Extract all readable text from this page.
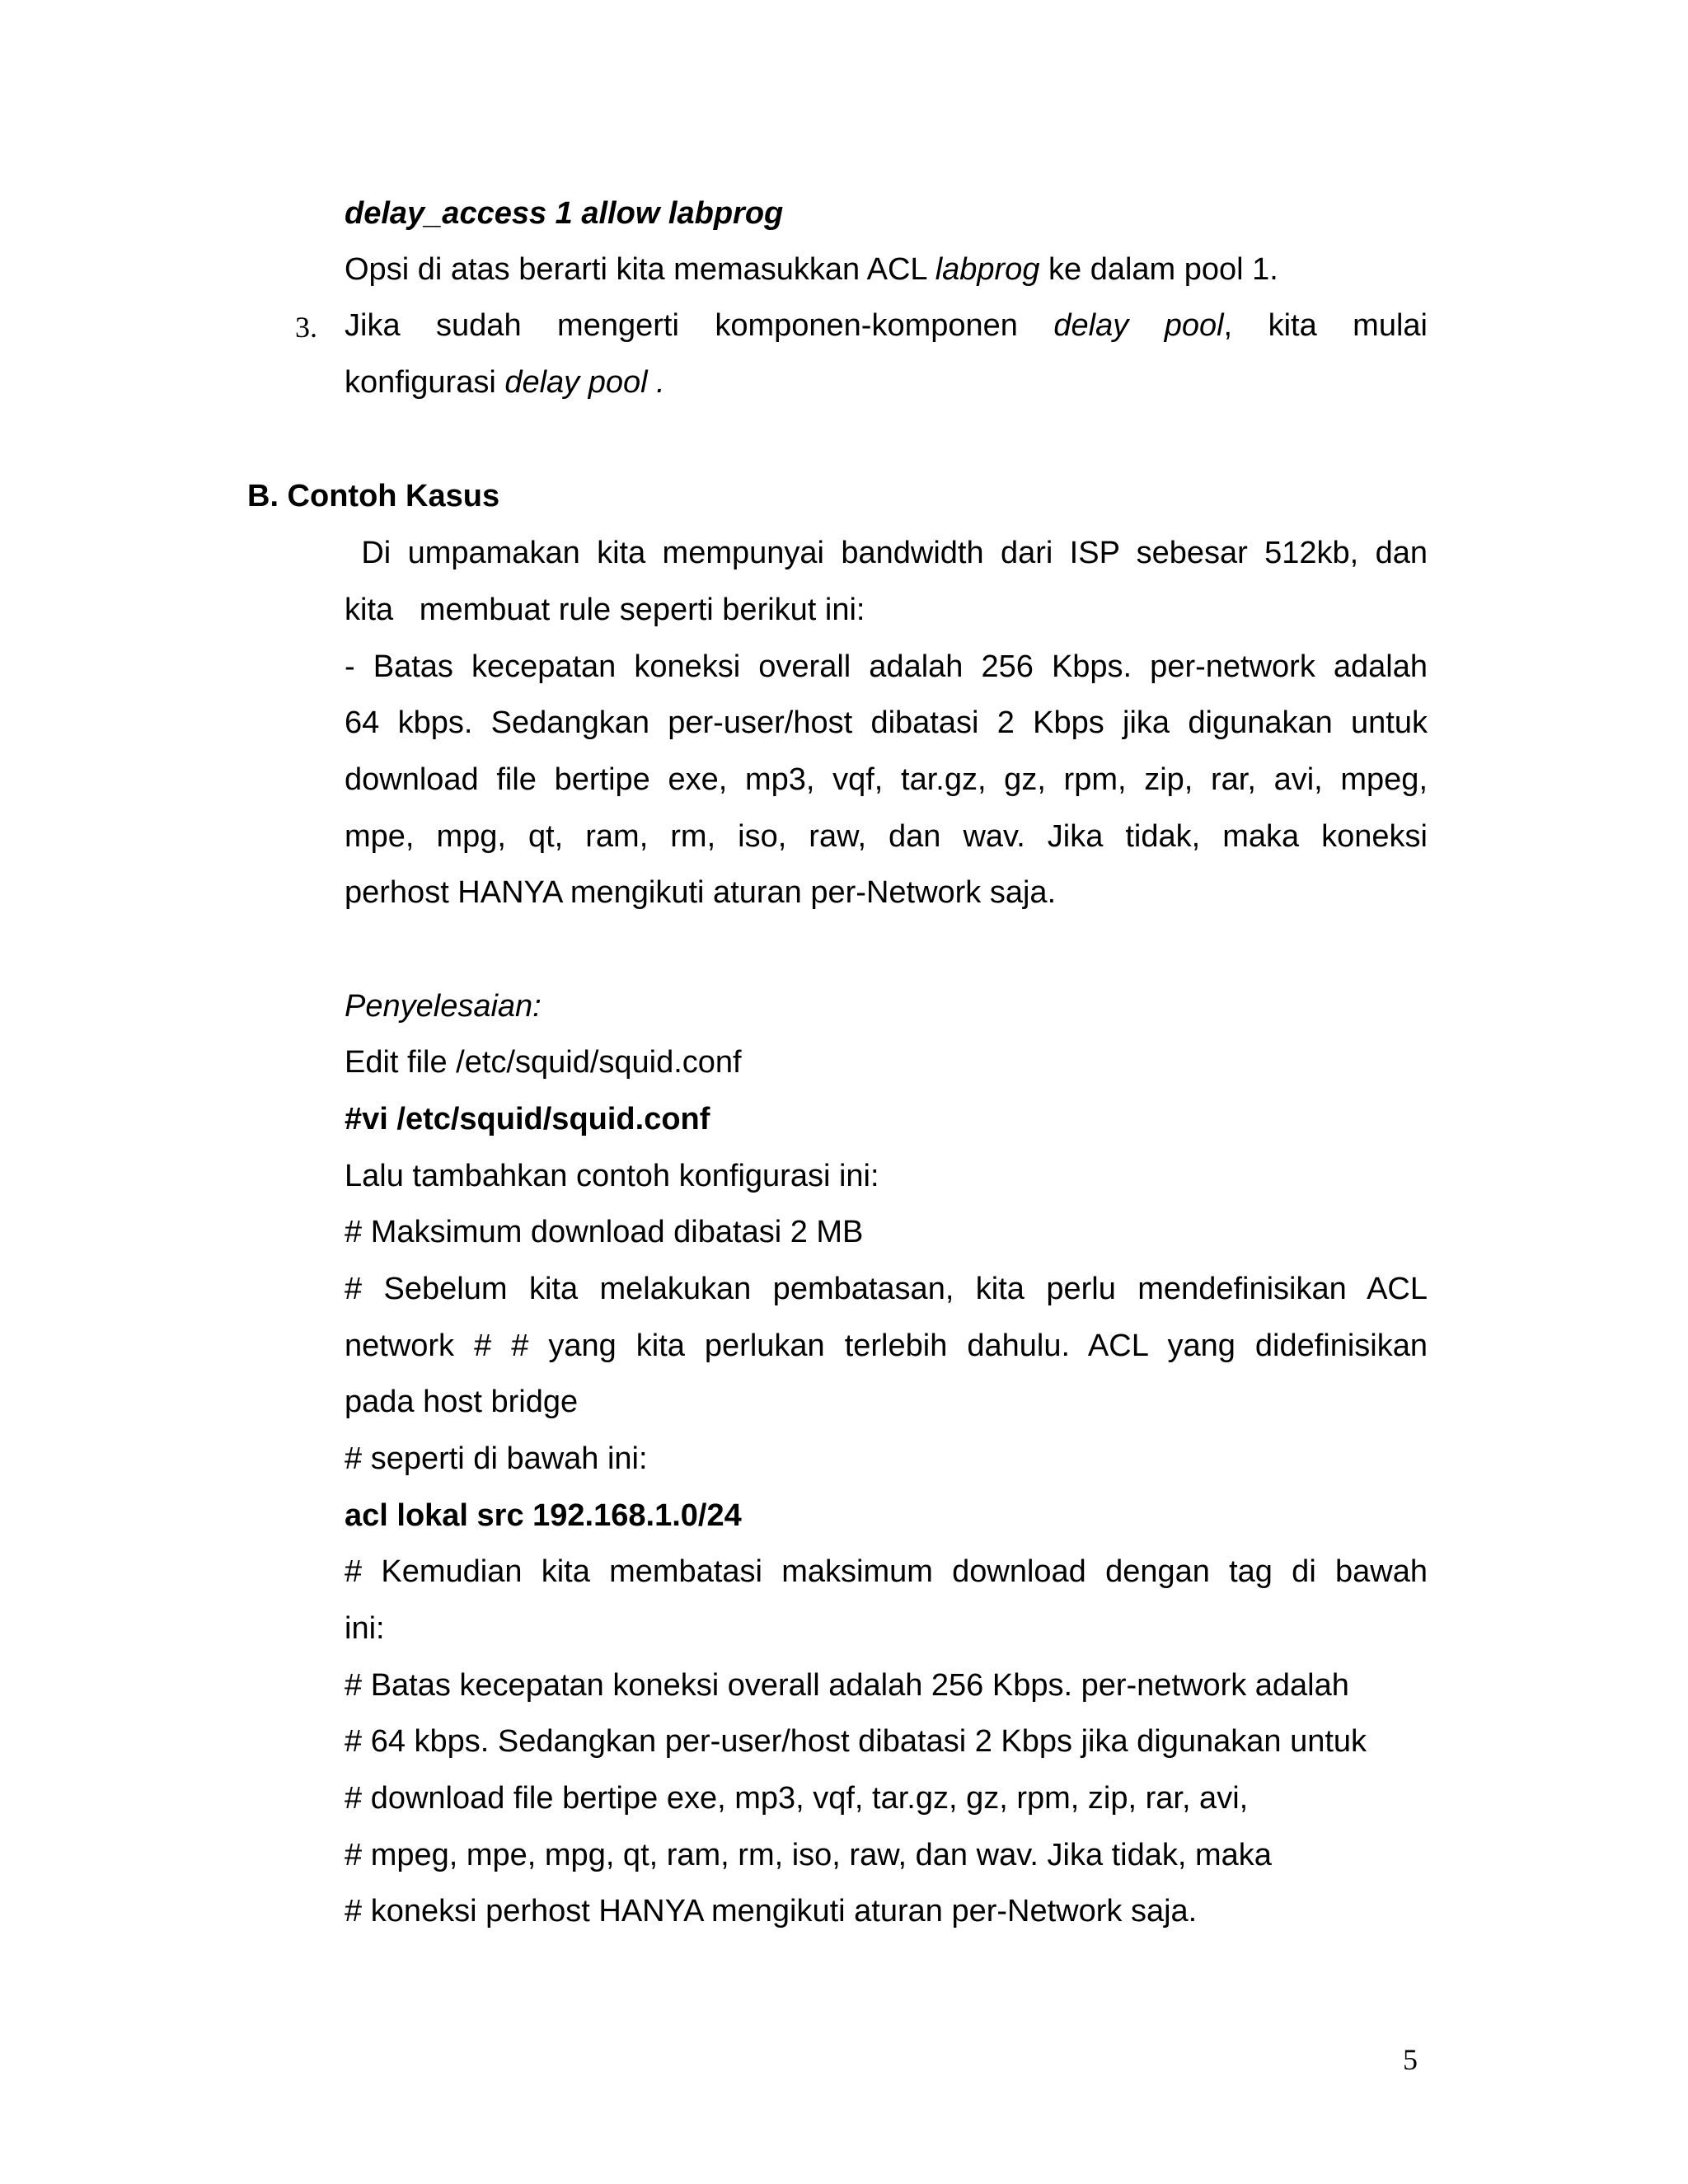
delay_access 1 allow labprog
Opsi di atas berarti kita memasukkan ACL labprog ke dalam pool 1.
3. Jika sudah mengerti komponen-komponen delay pool, kita mulai
konfigurasi delay pool .
B. Contoh Kasus
Di umpamakan kita mempunyai bandwidth dari ISP sebesar 512kb, dan
kita   membuat rule seperti berikut ini:
- Batas kecepatan koneksi overall adalah 256 Kbps. per-network adalah
64 kbps. Sedangkan per-user/host dibatasi 2 Kbps jika digunakan untuk
download file bertipe exe, mp3, vqf, tar.gz, gz, rpm, zip, rar, avi, mpeg,
mpe, mpg, qt, ram, rm, iso, raw, dan wav. Jika tidak, maka koneksi
perhost HANYA mengikuti aturan per-Network saja.
Penyelesaian:
Edit file /etc/squid/squid.conf
#vi /etc/squid/squid.conf
Lalu tambahkan contoh konfigurasi ini:
# Maksimum download dibatasi 2 MB
# Sebelum kita melakukan pembatasan, kita perlu mendefinisikan ACL
network # # yang kita perlukan terlebih dahulu. ACL yang didefinisikan
pada host bridge
# seperti di bawah ini:
acl lokal src 192.168.1.0/24
# Kemudian kita membatasi maksimum download dengan tag di bawah
ini:
# Batas kecepatan koneksi overall adalah 256 Kbps. per-network adalah
# 64 kbps. Sedangkan per-user/host dibatasi 2 Kbps jika digunakan untuk
# download file bertipe exe, mp3, vqf, tar.gz, gz, rpm, zip, rar, avi,
# mpeg, mpe, mpg, qt, ram, rm, iso, raw, dan wav. Jika tidak, maka
# koneksi perhost HANYA mengikuti aturan per-Network saja.
5
